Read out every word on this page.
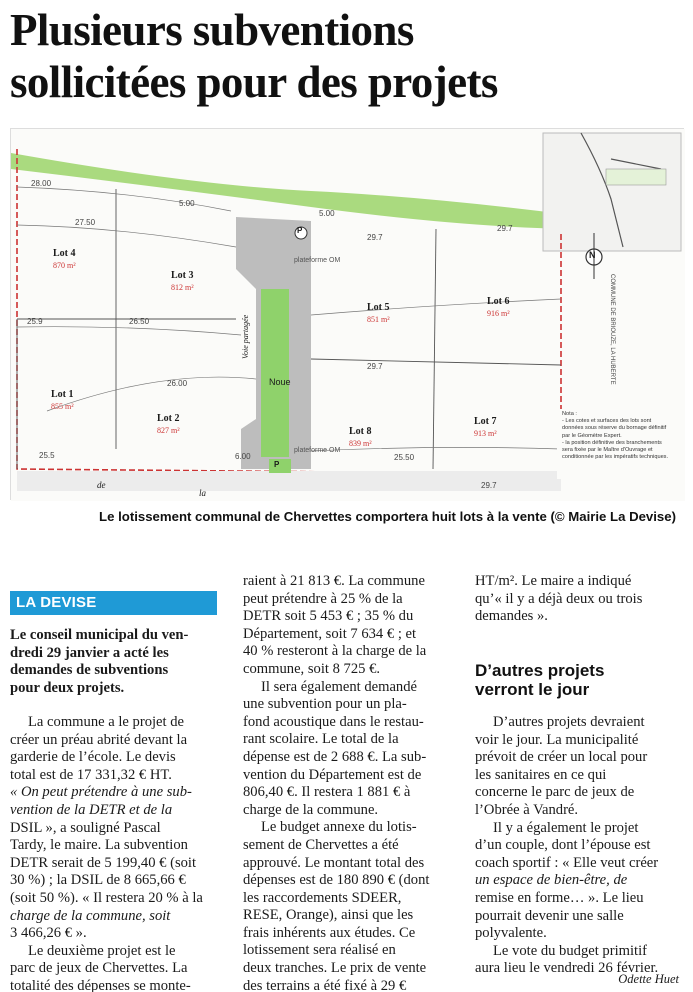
Plusieurs subventions
sollicitées pour des projets
Lot 4
870 m²
Lot 3
812 m²
Lot 5
851 m²
Lot 6
916 m²
Lot 1
855 m²
Lot 2
827 m²	Lot 8
839 m²
Lot 7
913 m²
28.00
27.50
26.50
25.9
26.00
25.5	25.50
29.7
29.7
29.7
29.7
5.00
5.00
6.00
Voie partagée
Noue
plateforme OM
plateforme OM
P
P
N
COMMUNE DE BRIOUZE, LA HUBERTE
Nota :
- Les cotes et surfaces des lots sont
données sous réserve du bornage définitif
par le Géomètre Expert.
- la position définitive des branchements
sera fixée par le Maître d'Ouvrage et
conditionnée par les impératifs techniques.
de
la
Le lotissement communal de Chervettes comportera huit lots à la vente (© Mairie La Devise)
LA DEVISE
Le conseil municipal du ven-
dredi 29 janvier a acté les
demandes de subventions
pour deux projets.
La commune a le projet de
créer un préau abrité devant la
garderie de l’école. Le devis
total est de 17 331,32 € HT.
« On peut prétendre à une sub-
vention de la DETR et de la
DSIL », a souligné Pascal
Tardy, le maire. La subvention
DETR serait de 5 199,40 € (soit
30 %) ; la DSIL de 8 665,66 €
(soit 50 %). « Il restera 20 % à la
charge de la commune, soit
3 466,26 € ».
Le deuxième projet est le
parc de jeux de Chervettes. La
totalité des dépenses se monte-
raient à 21 813 €. La commune
peut prétendre à 25 % de la
DETR soit 5 453 € ; 35 % du
Département, soit 7 634 € ; et
40 % resteront à la charge de la
commune, soit 8 725 €.
Il sera également demandé
une subvention pour un pla-
fond acoustique dans le restau-
rant scolaire. Le total de la
dépense est de 2 688 €. La sub-
vention du Département est de
806,40 €. Il restera 1 881 € à
charge de la commune.
Le budget annexe du lotis-
sement de Chervettes a été
approuvé. Le montant total des
dépenses est de 180 890 € (dont
les raccordements SDEER,
RESE, Orange), ainsi que les
frais inhérents aux études. Ce
lotissement sera réalisé en
deux tranches. Le prix de vente
des terrains a été fixé à 29 €
HT/m². Le maire a indiqué
qu’« il y a déjà deux ou trois
demandes ».
D’autres projets
verront le jour
D’autres projets devraient
voir le jour. La municipalité
prévoit de créer un local pour
les sanitaires en ce qui
concerne le parc de jeux de
l’Obrée à Vandré.
Il y a également le projet
d’un couple, dont l’épouse est
coach sportif : « Elle veut créer
un espace de bien-être, de
remise en forme… ». Le lieu
pourrait devenir une salle
polyvalente.
Le vote du budget primitif
aura lieu le vendredi 26 février.
Odette Huet
